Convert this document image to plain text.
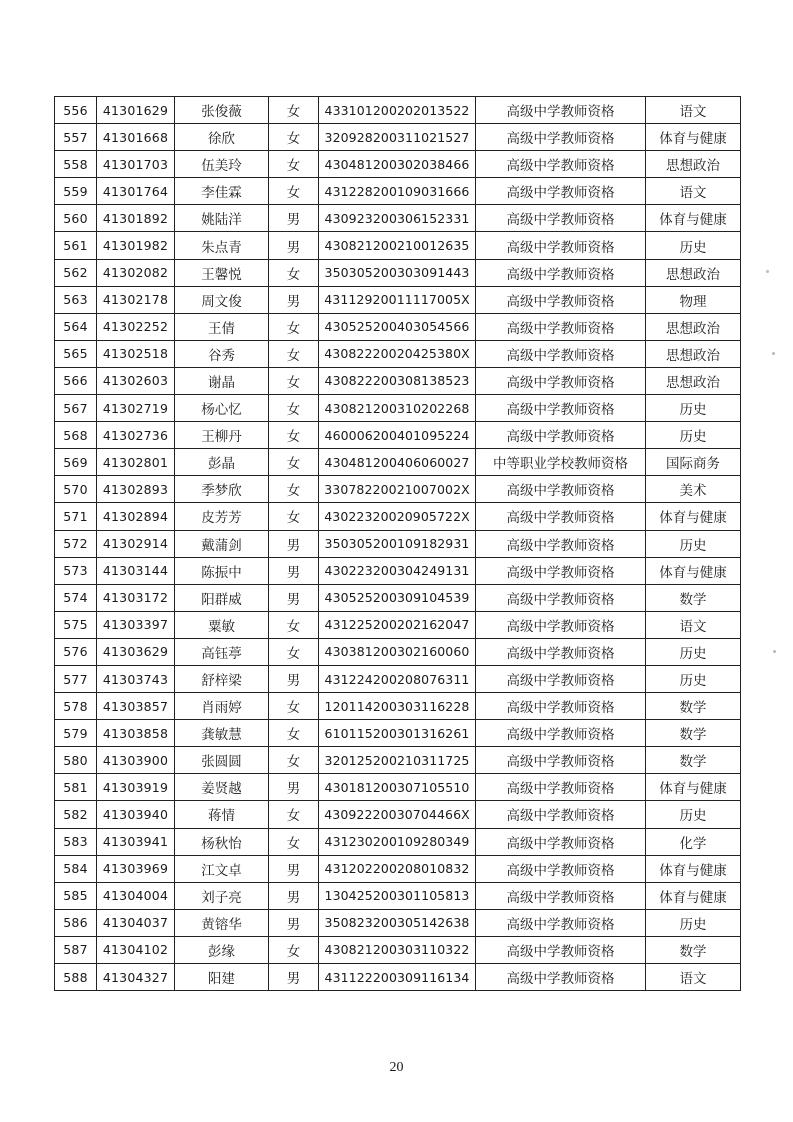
556	41301629	张俊薇	女	433101200202013522	高级中学教师资格	语文
557	41301668	徐欣	女	320928200311021527	高级中学教师资格	体育与健康
558	41301703	伍美玲	女	430481200302038466	高级中学教师资格	思想政治
559	41301764	李佳霖	女	431228200109031666	高级中学教师资格	语文
560	41301892	姚陆洋	男	430923200306152331	高级中学教师资格	体育与健康
561	41301982	朱点青	男	430821200210012635	高级中学教师资格	历史
562	41302082	王馨悦	女	350305200303091443	高级中学教师资格	思想政治
563	41302178	周文俊	男	43112920011117005X	高级中学教师资格	物理
564	41302252	王倩	女	430525200403054566	高级中学教师资格	思想政治
565	41302518	谷秀	女	43082220020425380X	高级中学教师资格	思想政治
566	41302603	谢晶	女	430822200308138523	高级中学教师资格	思想政治
567	41302719	杨心忆	女	430821200310202268	高级中学教师资格	历史
568	41302736	王柳丹	女	460006200401095224	高级中学教师资格	历史
569	41302801	彭晶	女	430481200406060027	中等职业学校教师资格	国际商务
570	41302893	季梦欣	女	33078220021007002X	高级中学教师资格	美术
571	41302894	皮芳芳	女	43022320020905722X	高级中学教师资格	体育与健康
572	41302914	戴蒲剑	男	350305200109182931	高级中学教师资格	历史
573	41303144	陈振中	男	430223200304249131	高级中学教师资格	体育与健康
574	41303172	阳群威	男	430525200309104539	高级中学教师资格	数学
575	41303397	粟敏	女	431225200202162047	高级中学教师资格	语文
576	41303629	高钰葶	女	430381200302160060	高级中学教师资格	历史
577	41303743	舒梓梁	男	431224200208076311	高级中学教师资格	历史
578	41303857	肖雨婷	女	120114200303116228	高级中学教师资格	数学
579	41303858	龚敏慧	女	610115200301316261	高级中学教师资格	数学
580	41303900	张圆圆	女	320125200210311725	高级中学教师资格	数学
581	41303919	姜贤越	男	430181200307105510	高级中学教师资格	体育与健康
582	41303940	蒋情	女	43092220030704466X	高级中学教师资格	历史
583	41303941	杨秋怡	女	431230200109280349	高级中学教师资格	化学
584	41303969	江文卓	男	431202200208010832	高级中学教师资格	体育与健康
585	41304004	刘子亮	男	130425200301105813	高级中学教师资格	体育与健康
586	41304037	黄镕华	男	350823200305142638	高级中学教师资格	历史
587	41304102	彭缘	女	430821200303110322	高级中学教师资格	数学
588	41304327	阳建	男	431122200309116134	高级中学教师资格	语文
20
